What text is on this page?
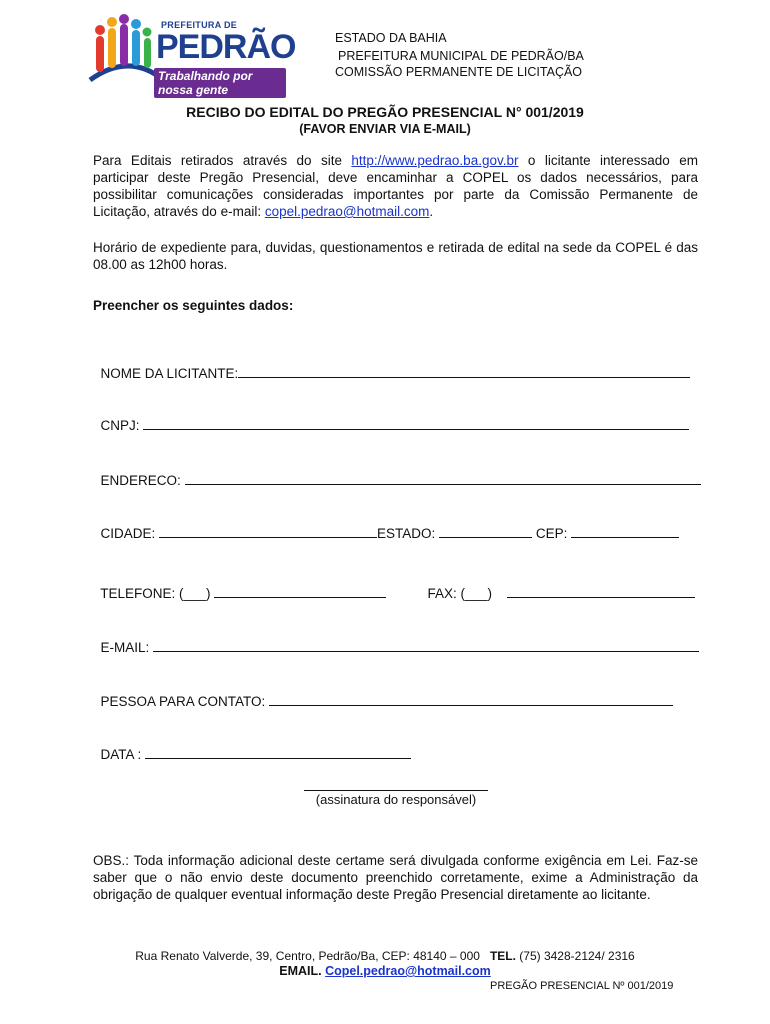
PREFEITURA DE
PEDRÃO
Trabalhando por nossa gente
ESTADO DA BAHIA
PREFEITURA MUNICIPAL DE PEDRÃO/BA
COMISSÃO PERMANENTE DE LICITAÇÃO
RECIBO DO EDITAL DO PREGÃO PRESENCIAL N° 001/2019
(FAVOR ENVIAR VIA E-MAIL)
Para Editais retirados através do site http://www.pedrao.ba.gov.br o licitante interessado em participar deste Pregão Presencial, deve encaminhar a COPEL os dados necessários, para possibilitar comunicações consideradas importantes por parte da Comissão Permanente de Licitação, através do e-mail: copel.pedrao@hotmail.com.
Horário de expediente para, duvidas, questionamentos e retirada de edital na sede da COPEL é das 08.00 as 12h00 horas.
Preencher os seguintes dados:

NOME DA LICITANTE:

CNPJ:

ENDERECO:

CIDADE:	ESTADO:	CEP:

TELEFONE: (___)	FAX: (___)

E-MAIL:

PESSOA PARA CONTATO:

DATA :

(assinatura do responsável)
OBS.: Toda informação adicional deste certame será divulgada conforme exigência em Lei. Faz-se saber que o não envio deste documento preenchido corretamente, exime a Administração da obrigação de qualquer eventual informação deste Pregão Presencial diretamente ao licitante.
Rua Renato Valverde, 39, Centro, Pedrão/Ba, CEP: 48140 – 000 TEL. (75) 3428-2124/ 2316
EMAIL. Copel.pedrao@hotmail.com
PREGÃO PRESENCIAL Nº 001/2019
